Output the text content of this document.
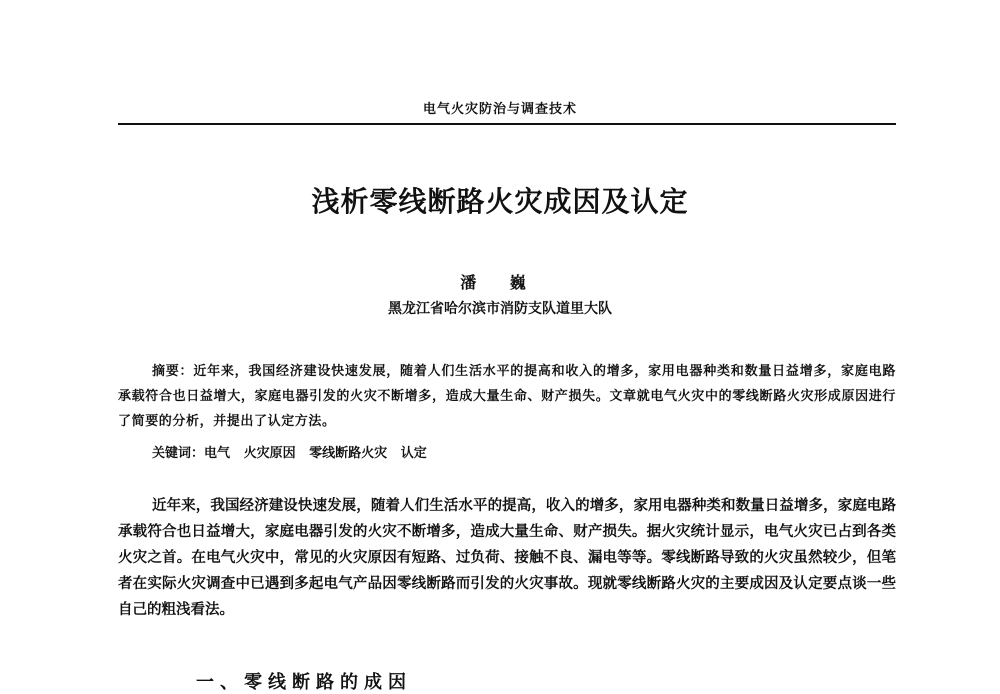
电气火灾防治与调查技术
浅析零线断路火灾成因及认定
潘 巍
黑龙江省哈尔滨市消防支队道里大队
摘要：近年来，我国经济建设快速发展，随着人们生活水平的提高和收入的增多，家用电器种类和数量日益增多，家庭电路承载符合也日益增大，家庭电器引发的火灾不断增多，造成大量生命、财产损失。文章就电气火灾中的零线断路火灾形成原因进行了简要的分析，并提出了认定方法。
关键词：电气   火灾原因   零线断路火灾   认定
近年来，我国经济建设快速发展，随着人们生活水平的提高，收入的增多，家用电器种类和数量日益增多，家庭电路承载符合也日益增大，家庭电器引发的火灾不断增多，造成大量生命、财产损失。据火灾统计显示，电气火灾已占到各类火灾之首。在电气火灾中，常见的火灾原因有短路、过负荷、接触不良、漏电等等。零线断路导致的火灾虽然较少，但笔者在实际火灾调查中已遇到多起电气产品因零线断路而引发的火灾事故。现就零线断路火灾的主要成因及认定要点谈一些自己的粗浅看法。
一、零线断路的成因
